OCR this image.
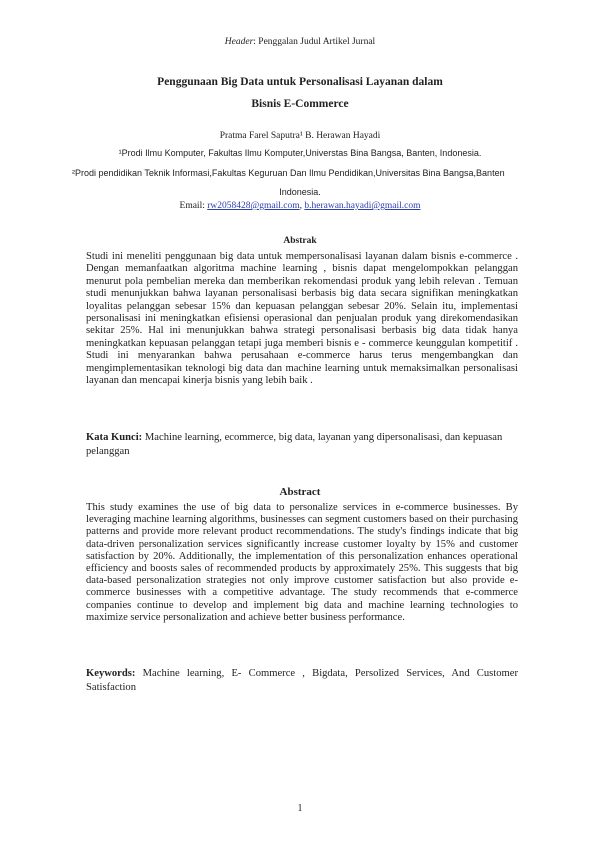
Header: Penggalan Judul Artikel Jurnal
Penggunaan Big Data untuk Personalisasi Layanan dalam
Bisnis E-Commerce
Pratma Farel Saputra¹ B. Herawan Hayadi
¹Prodi Ilmu Komputer, Fakultas Ilmu Komputer,Universtas Bina Bangsa, Banten, Indonesia.
²Prodi pendidikan Teknik Informasi,Fakultas Keguruan Dan Ilmu Pendidikan,Universitas Bina Bangsa,Banten
Indonesia.
Email: rw2058428@gmail.com, b.herawan.hayadi@gmail.com
Abstrak

Studi ini meneliti penggunaan big data untuk mempersonalisasi layanan dalam bisnis e-commerce . Dengan memanfaatkan algoritma machine learning , bisnis dapat mengelompokkan pelanggan menurut pola pembelian mereka dan memberikan rekomendasi produk yang lebih relevan . Temuan studi menunjukkan bahwa layanan personalisasi berbasis big data secara signifikan meningkatkan loyalitas pelanggan sebesar 15% dan kepuasan pelanggan sebesar 20%. Selain itu, implementasi personalisasi ini meningkatkan efisiensi operasional dan penjualan produk yang direkomendasikan sekitar 25%. Hal ini menunjukkan bahwa strategi personalisasi berbasis big data tidak hanya meningkatkan kepuasan pelanggan tetapi juga memberi bisnis e - commerce keunggulan kompetitif . Studi ini menyarankan bahwa perusahaan e-commerce harus terus mengembangkan dan mengimplementasikan teknologi big data dan machine learning untuk memaksimalkan personalisasi layanan dan mencapai kinerja bisnis yang lebih baik .

Kata Kunci: Machine learning, ecommerce, big data, layanan yang dipersonalisasi, dan kepuasan pelanggan

Abstract

This study examines the use of big data to personalize services in e-commerce businesses. By leveraging machine learning algorithms, businesses can segment customers based on their purchasing patterns and provide more relevant product recommendations. The study's findings indicate that big data-driven personalization services significantly increase customer loyalty by 15% and customer satisfaction by 20%. Additionally, the implementation of this personalization enhances operational efficiency and boosts sales of recommended products by approximately 25%. This suggests that big data-based personalization strategies not only improve customer satisfaction but also provide e-commerce businesses with a competitive advantage. The study recommends that e-commerce companies continue to develop and implement big data and machine learning technologies to maximize service personalization and achieve better business performance.

Keywords: Machine learning, E- Commerce , Bigdata, Persolized Services, And Customer Satisfaction

1
